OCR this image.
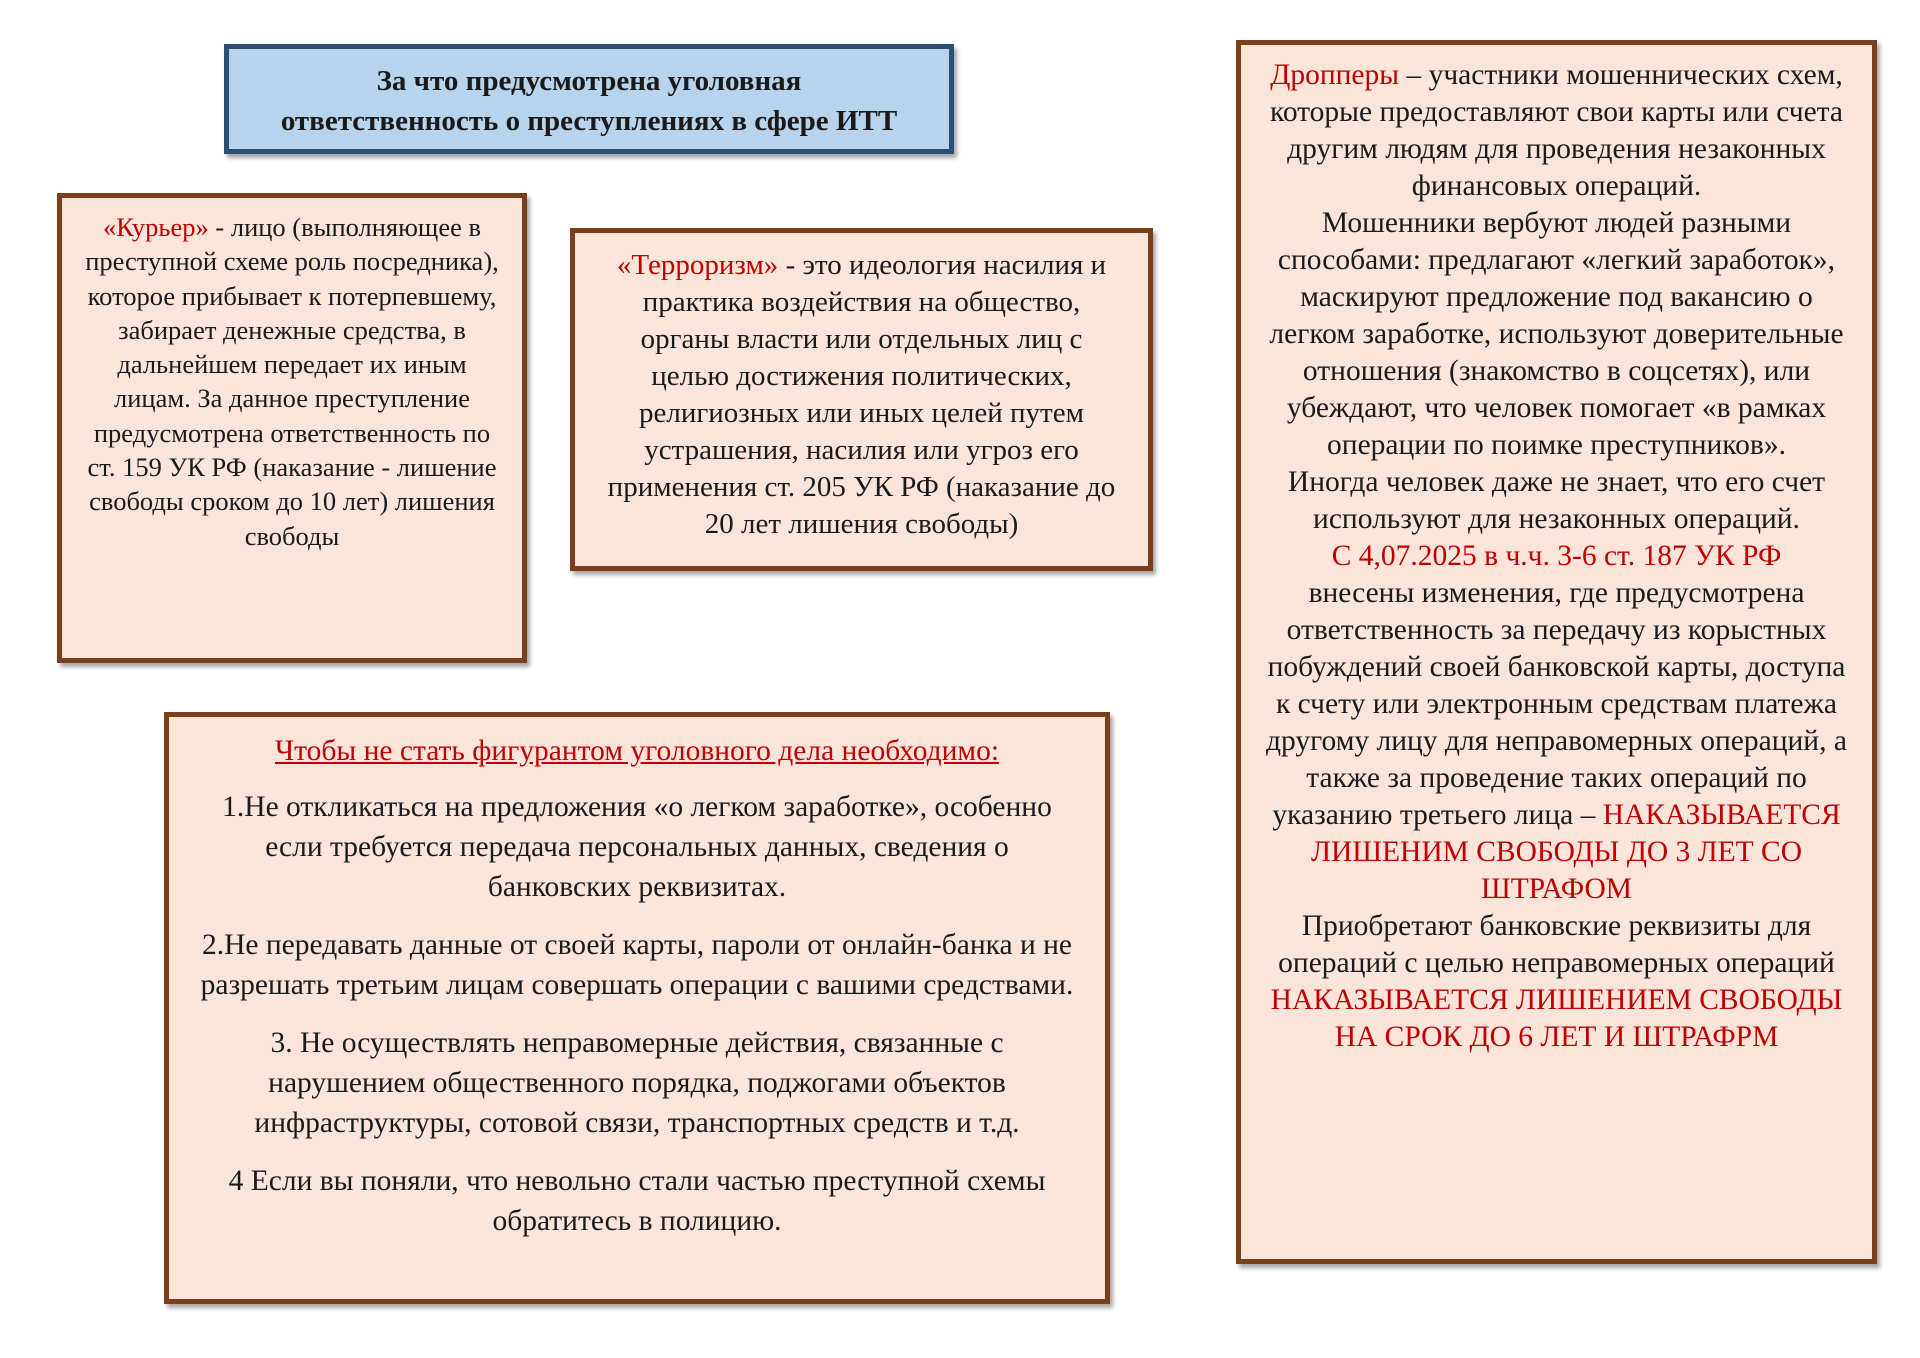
За что предусмотрена уголовная
ответственность о преступлениях в сфере ИТТ

«Курьер» - лицо (выполняющее в преступной схеме роль посредника), которое прибывает к потерпевшему, забирает денежные средства, в дальнейшем передает их иным лицам. За данное преступление предусмотрена ответственность по ст. 159 УК РФ (наказание - лишение свободы сроком до 10 лет) лишения свободы

«Терроризм» - это идеология насилия и практика воздействия на общество, органы власти или отдельных лиц с целью достижения политических, религиозных или иных целей путем устрашения, насилия или угроз его применения ст. 205 УК РФ (наказание до 20 лет лишения свободы)

Чтобы не стать фигурантом уголовного дела необходимо:

1.Не откликаться на предложения «о легком заработке», особенно если требуется передача персональных данных, сведения о банковских реквизитах.

2.Не передавать данные от своей карты, пароли от онлайн-банка и не разрешать третьим лицам совершать операции с вашими средствами.

3. Не осуществлять неправомерные действия, связанные с нарушением общественного порядка, поджогами объектов инфраструктуры, сотовой связи, транспортных средств и т.д.

4 Если вы поняли, что невольно стали частью преступной схемы обратитесь в полицию.

Дропперы – участники мошеннических схем, которые предоставляют свои карты или счета другим людям для проведения незаконных финансовых операций.

Мошенники вербуют людей разными способами: предлагают «легкий заработок», маскируют предложение под вакансию о легком заработке, используют доверительные отношения (знакомство в соцсетях), или убеждают, что человек помогает «в рамках операции по поимке преступников».

Иногда человек даже не знает, что его счет используют для незаконных операций.

С 4,07.2025 в ч.ч. 3-6 ст. 187 УК РФ

внесены изменения, где предусмотрена ответственность за передачу из корыстных побуждений своей банковской карты, доступа к счету или электронным средствам платежа другому лицу для неправомерных операций, а также за проведение таких операций по указанию третьего лица – НАКАЗЫВАЕТСЯ ЛИШЕНИМ СВОБОДЫ ДО 3 ЛЕТ СО ШТРАФОМ

Приобретают банковские реквизиты для операций с целью неправомерных операций НАКАЗЫВАЕТСЯ ЛИШЕНИЕМ СВОБОДЫ НА СРОК ДО 6 ЛЕТ И ШТРАФРМ
